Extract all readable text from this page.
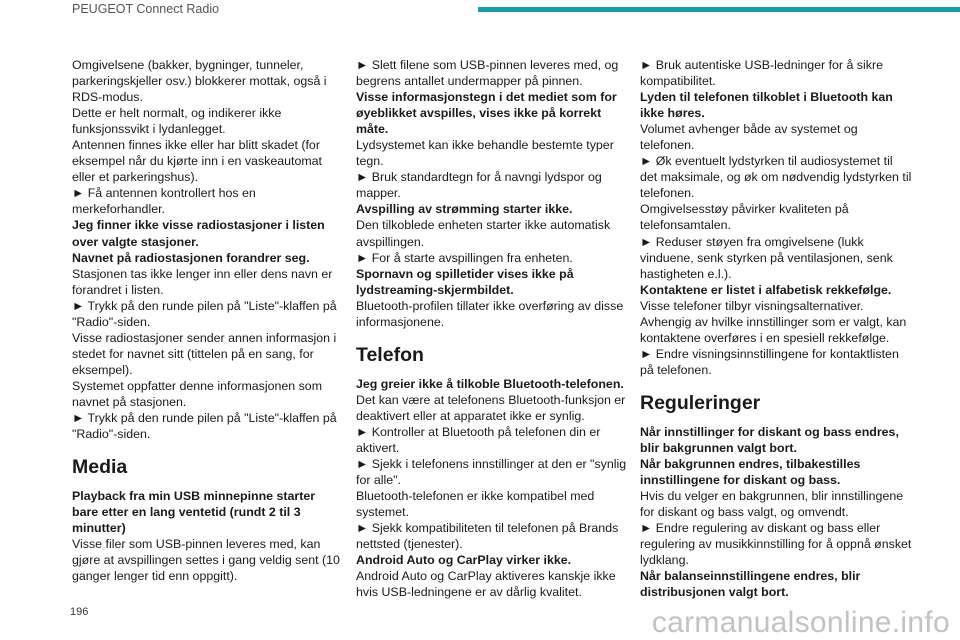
PEUGEOT Connect Radio

Omgivelsene (bakker, bygninger, tunneler, parkeringskjeller osv.) blokkerer mottak, også i RDS-modus.

Dette er helt normalt, og indikerer ikke funksjonssvikt i lydanlegget.

Antennen finnes ikke eller har blitt skadet (for eksempel når du kjørte inn i en vaskeautomat eller et parkeringshus).

► Få antennen kontrollert hos en merkeforhandler.

Jeg finner ikke visse radiostasjoner i listen over valgte stasjoner.

Navnet på radiostasjonen forandrer seg.

Stasjonen tas ikke lenger inn eller dens navn er forandret i listen.

► Trykk på den runde pilen på "Liste"-klaffen på "Radio"-siden.

Visse radiostasjoner sender annen informasjon i stedet for navnet sitt (tittelen på en sang, for eksempel).

Systemet oppfatter denne informasjonen som navnet på stasjonen.

► Trykk på den runde pilen på "Liste"-klaffen på "Radio"-siden.

Media

Playback fra min USB minnepinne starter bare etter en lang ventetid (rundt 2 til 3 minutter)

Visse filer som USB-pinnen leveres med, kan gjøre at avspillingen settes i gang veldig sent (10 ganger lenger tid enn oppgitt).

► Slett filene som USB-pinnen leveres med, og begrens antallet undermapper på pinnen.

Visse informasjonstegn i det mediet som for øyeblikket avspilles, vises ikke på korrekt måte.

Lydsystemet kan ikke behandle bestemte typer tegn.

► Bruk standardtegn for å navngi lydspor og mapper.

Avspilling av strømming starter ikke.

Den tilkoblede enheten starter ikke automatisk avspillingen.

► For å starte avspillingen fra enheten.

Spornavn og spilletider vises ikke på lydstreaming-skjermbildet.

Bluetooth-profilen tillater ikke overføring av disse informasjonene.

Telefon

Jeg greier ikke å tilkoble Bluetooth-telefonen.

Det kan være at telefonens Bluetooth-funksjon er deaktivert eller at apparatet ikke er synlig.

► Kontroller at Bluetooth på telefonen din er aktivert.

► Sjekk i telefonens innstillinger at den er "synlig for alle".

Bluetooth-telefonen er ikke kompatibel med systemet.

► Sjekk kompatibiliteten til telefonen på Brands nettsted (tjenester).

Android Auto og CarPlay virker ikke.

Android Auto og CarPlay aktiveres kanskje ikke hvis USB-ledningene er av dårlig kvalitet.

► Bruk autentiske USB-ledninger for å sikre kompatibilitet.

Lyden til telefonen tilkoblet i Bluetooth kan ikke høres.

Volumet avhenger både av systemet og telefonen.

► Øk eventuelt lydstyrken til audiosystemet til det maksimale, og øk om nødvendig lydstyrken til telefonen.

Omgivelsesstøy påvirker kvaliteten på telefonsamtalen.

► Reduser støyen fra omgivelsene (lukk vinduene, senk styrken på ventilasjonen, senk hastigheten e.l.).

Kontaktene er listet i alfabetisk rekkefølge.

Visse telefoner tilbyr visningsalternativer. Avhengig av hvilke innstillinger som er valgt, kan kontaktene overføres i en spesiell rekkefølge.

► Endre visningsinnstillingene for kontaktlisten på telefonen.

Reguleringer

Når innstillinger for diskant og bass endres, blir bakgrunnen valgt bort.

Når bakgrunnen endres, tilbakestilles innstillingene for diskant og bass.

Hvis du velger en bakgrunnen, blir innstillingene for diskant og bass valgt, og omvendt.

► Endre regulering av diskant og bass eller regulering av musikkinnstilling for å oppnå ønsket lydklang.

Når balanseinnstillingene endres, blir distribusjonen valgt bort.

196	carmanualsonline.info
